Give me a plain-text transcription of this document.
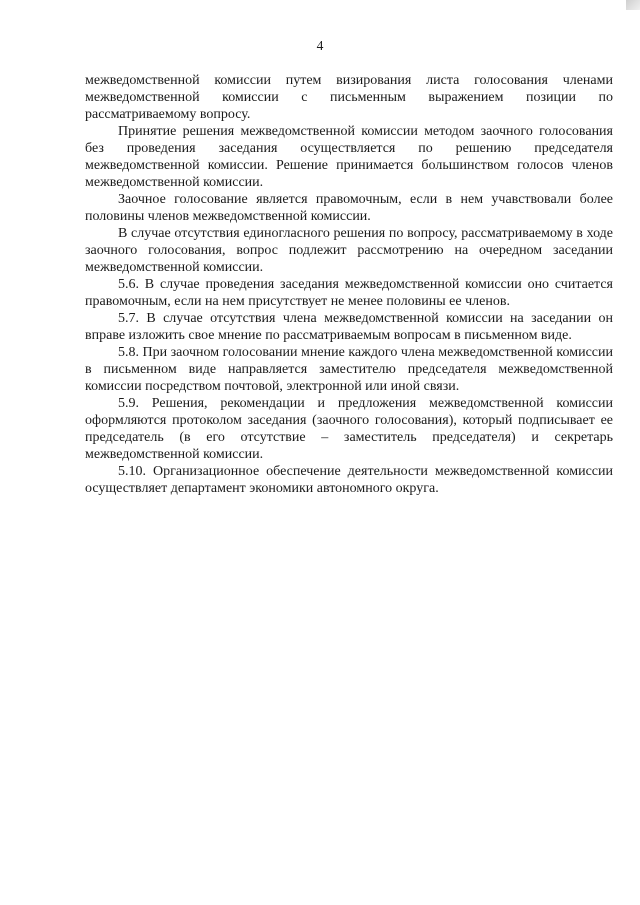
4

межведомственной комиссии путем визирования листа голосования членами межведомственной комиссии с письменным выражением позиции по рассматриваемому вопросу.

Принятие решения межведомственной комиссии методом заочного голосования без проведения заседания осуществляется по решению председателя межведомственной комиссии. Решение принимается большинством голосов членов межведомственной комиссии.

Заочное голосование является правомочным, если в нем учавствовали более половины членов межведомственной комиссии.

В случае отсутствия единогласного решения по вопросу, рассматриваемому в ходе заочного голосования, вопрос подлежит рассмотрению на очередном заседании межведомственной комиссии.

5.6. В случае проведения заседания межведомственной комиссии оно считается правомочным, если на нем присутствует не менее половины ее членов.

5.7. В случае отсутствия члена межведомственной комиссии на заседании он вправе изложить свое мнение по рассматриваемым вопросам в письменном виде.

5.8. При заочном голосовании мнение каждого члена межведомственной комиссии в письменном виде направляется заместителю председателя межведомственной комиссии посредством почтовой, электронной или иной связи.

5.9. Решения, рекомендации и предложения межведомственной комиссии оформляются протоколом заседания (заочного голосования), который подписывает ее председатель (в его отсутствие – заместитель председателя) и секретарь межведомственной комиссии.

5.10. Организационное обеспечение деятельности межведомственной комиссии осуществляет департамент экономики автономного округа.
